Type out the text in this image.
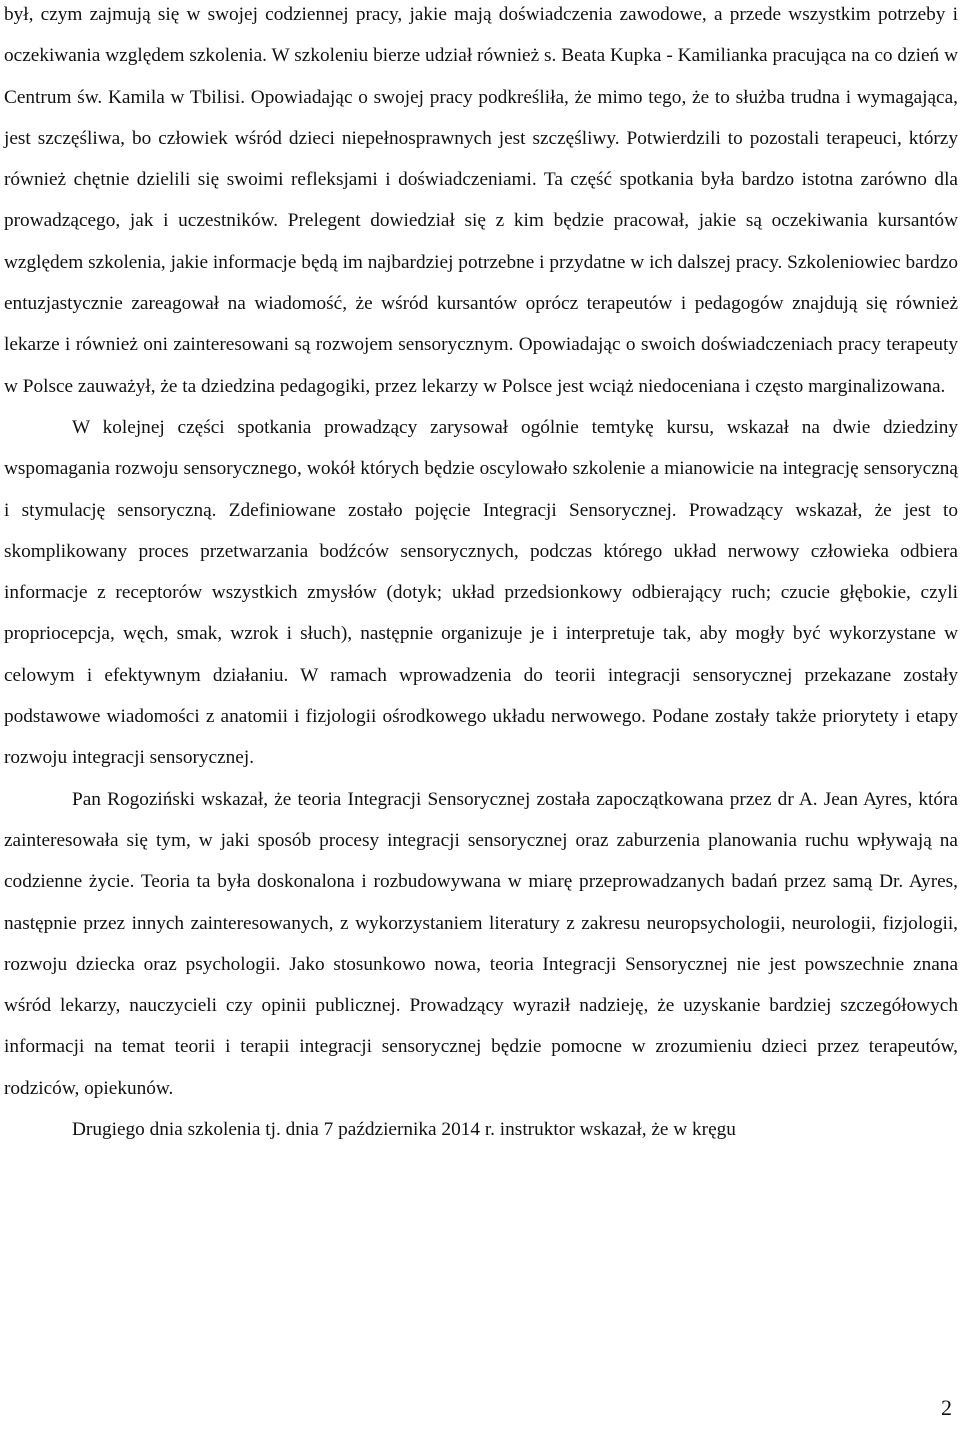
był, czym zajmują się w swojej codziennej pracy, jakie mają doświadczenia zawodowe, a przede wszystkim potrzeby i oczekiwania względem szkolenia. W szkoleniu bierze udział również s. Beata Kupka - Kamilianka pracująca na co dzień w Centrum św. Kamila w Tbilisi. Opowiadając o swojej pracy podkreśliła, że mimo tego, że to służba trudna i wymagająca, jest szczęśliwa, bo człowiek wśród dzieci niepełnosprawnych jest szczęśliwy. Potwierdzili to pozostali terapeuci, którzy również chętnie dzielili się swoimi refleksjami i doświadczeniami. Ta część spotkania była bardzo istotna zarówno dla prowadzącego, jak i uczestników. Prelegent dowiedział się z kim będzie pracował, jakie są oczekiwania kursantów względem szkolenia, jakie informacje będą im najbardziej potrzebne i przydatne w ich dalszej pracy. Szkoleniowiec bardzo entuzjastycznie zareagował na wiadomość, że wśród kursantów oprócz terapeutów i pedagogów znajdują się również lekarze i również oni zainteresowani są rozwojem sensorycznym. Opowiadając o swoich doświadczeniach pracy terapeuty w Polsce zauważył, że ta dziedzina pedagogiki, przez lekarzy w Polsce jest wciąż niedoceniana i często marginalizowana.

W kolejnej części spotkania prowadzący zarysował ogólnie temtykę kursu, wskazał na dwie dziedziny wspomagania rozwoju sensorycznego, wokół których będzie oscylowało szkolenie a mianowicie na integrację sensoryczną i stymulację sensoryczną. Zdefiniowane zostało pojęcie Integracji Sensorycznej. Prowadzący wskazał, że jest to skomplikowany proces przetwarzania bodźców sensorycznych, podczas którego układ nerwowy człowieka odbiera informacje z receptorów wszystkich zmysłów (dotyk; układ przedsionkowy odbierający ruch; czucie głębokie, czyli propriocepcja, węch, smak, wzrok i słuch), następnie organizuje je i interpretuje tak, aby mogły być wykorzystane w celowym i efektywnym działaniu. W ramach wprowadzenia do teorii integracji sensorycznej przekazane zostały podstawowe wiadomości z anatomii i fizjologii ośrodkowego układu nerwowego. Podane zostały także priorytety i etapy rozwoju integracji sensorycznej.

Pan Rogoziński wskazał, że teoria Integracji Sensorycznej została zapoczątkowana przez dr A. Jean Ayres, która zainteresowała się tym, w jaki sposób procesy integracji sensorycznej oraz zaburzenia planowania ruchu wpływają na codzienne życie. Teoria ta była doskonalona i rozbudowywana w miarę przeprowadzanych badań przez samą Dr. Ayres, następnie przez innych zainteresowanych, z wykorzystaniem literatury z zakresu neuropsychologii, neurologii, fizjologii, rozwoju dziecka oraz psychologii. Jako stosunkowo nowa, teoria Integracji Sensorycznej nie jest powszechnie znana wśród lekarzy, nauczycieli czy opinii publicznej. Prowadzący wyraził nadzieję, że uzyskanie bardziej szczegółowych informacji na temat teorii i terapii integracji sensorycznej będzie pomocne w zrozumieniu dzieci przez terapeutów, rodziców, opiekunów.

Drugiego dnia szkolenia tj. dnia 7 października 2014 r. instruktor wskazał, że w kręgu

2
